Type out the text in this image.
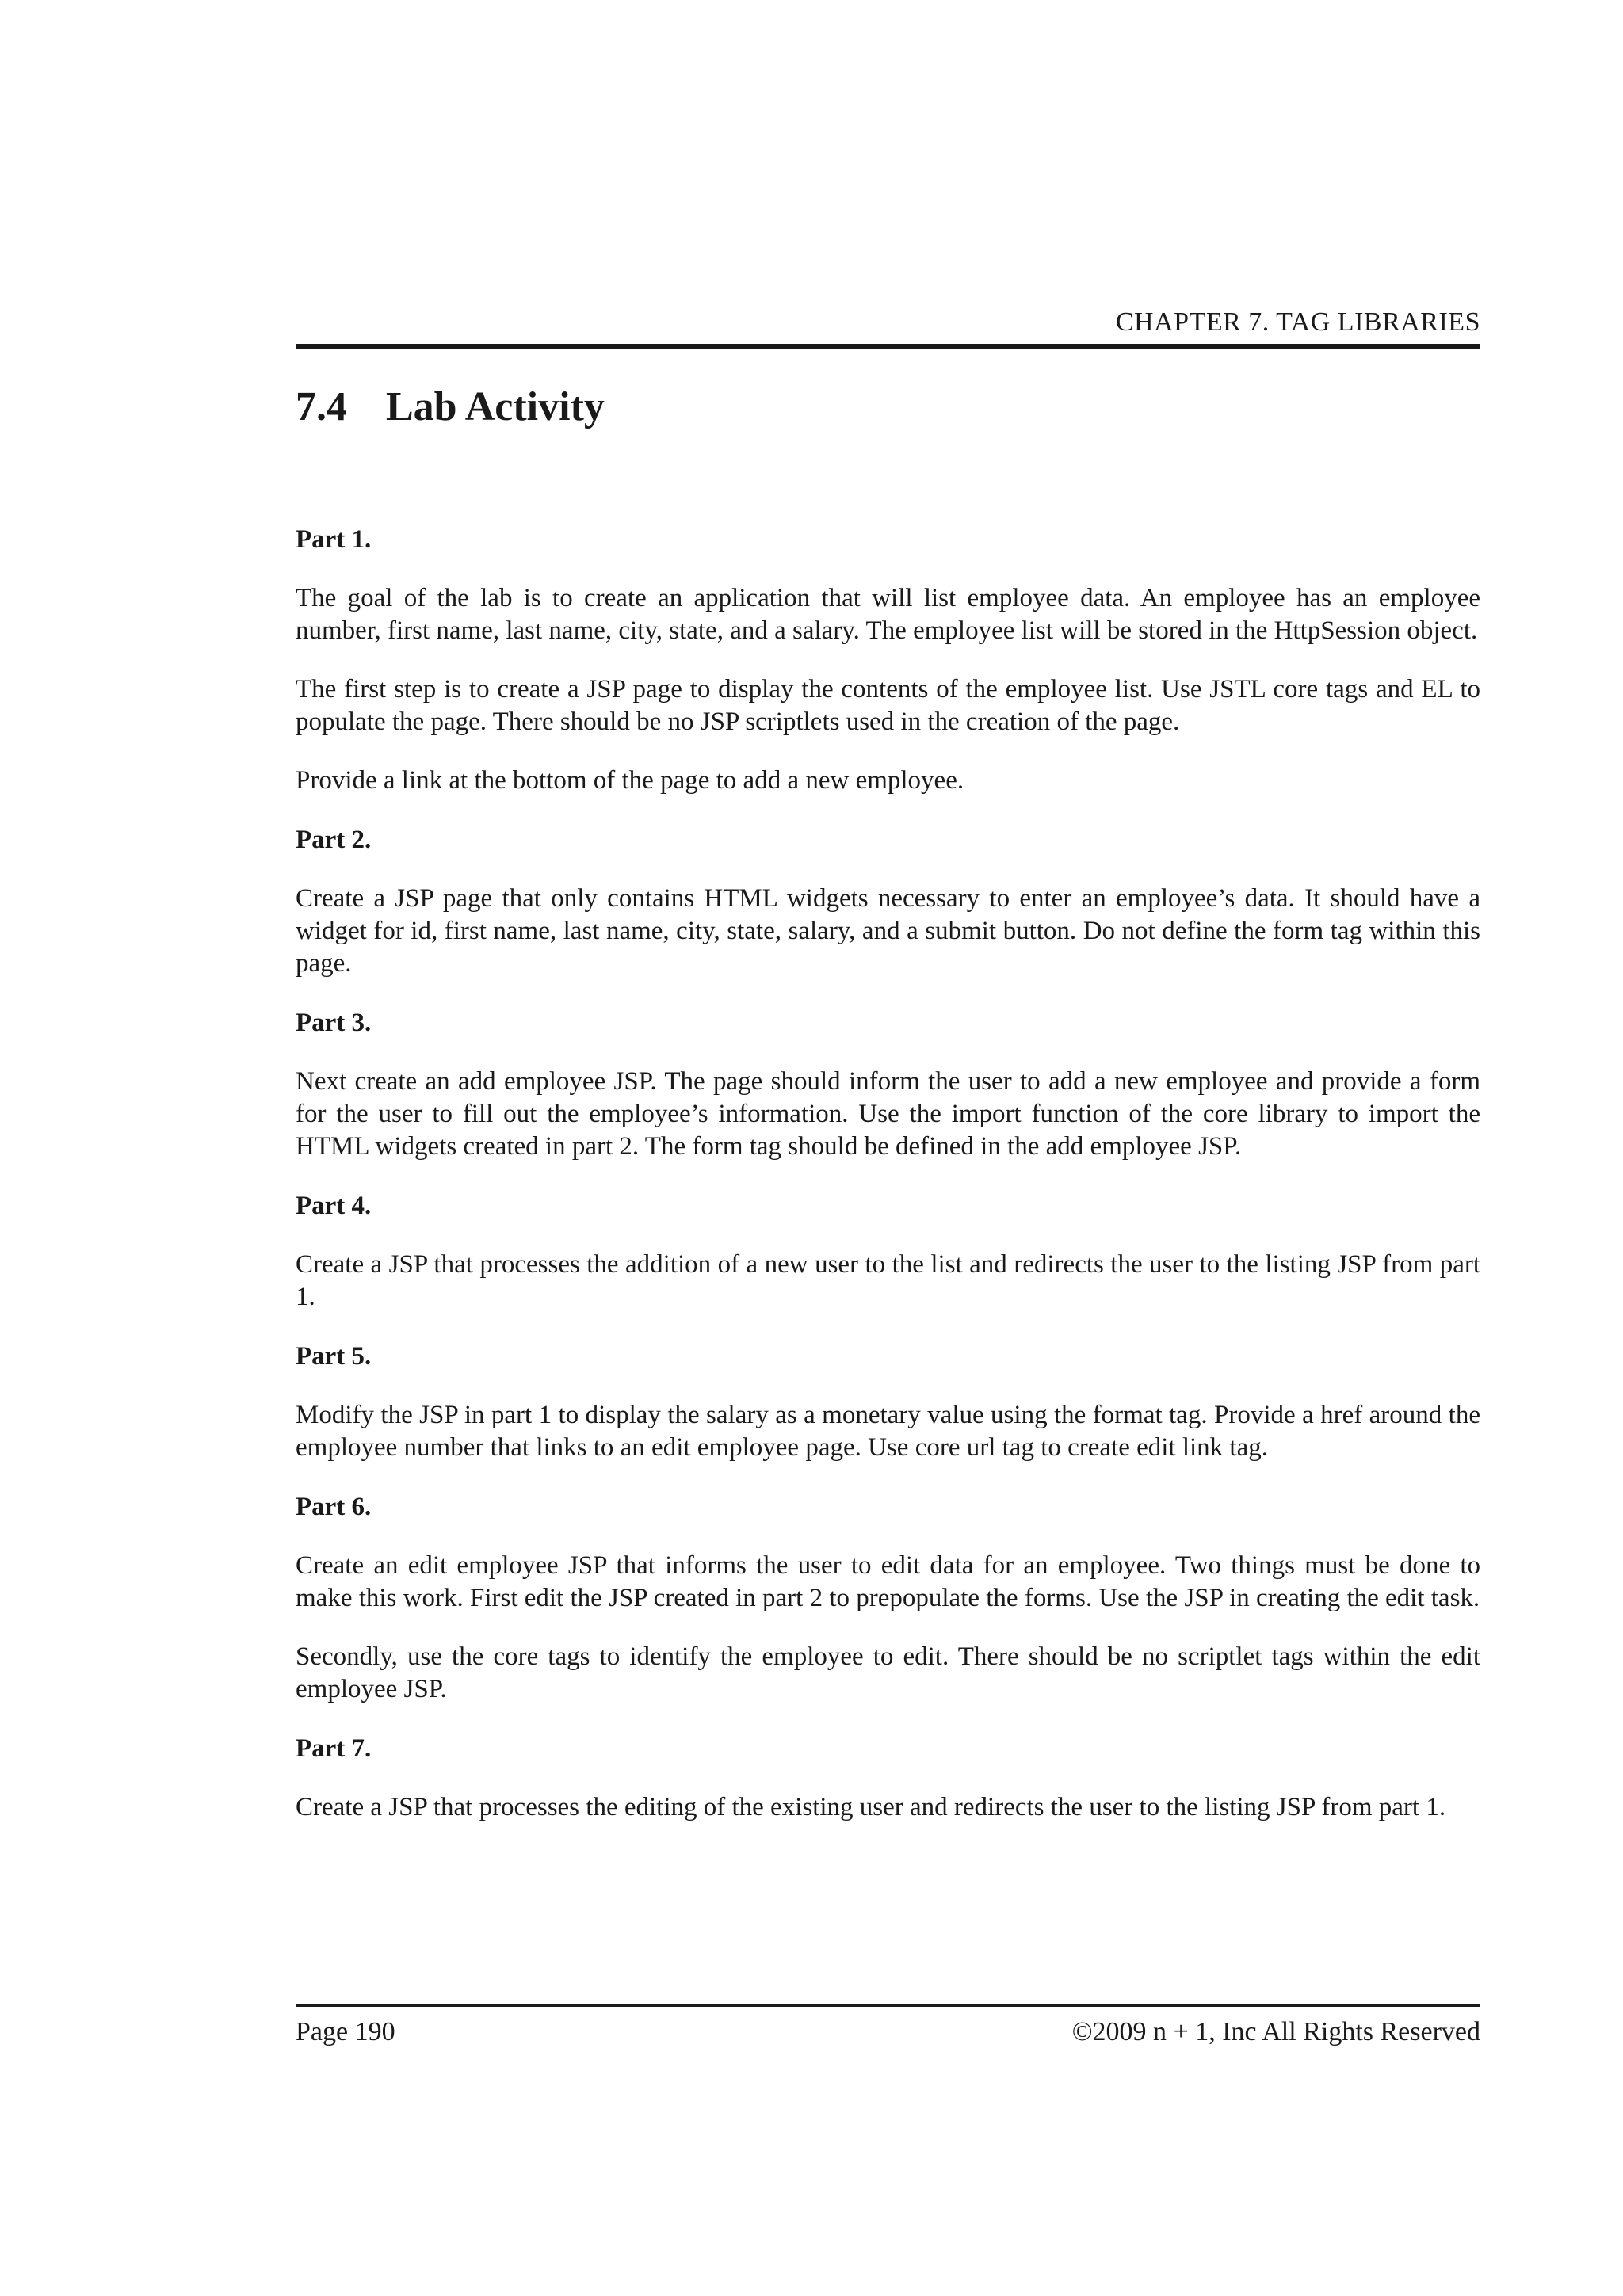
CHAPTER 7. TAG LIBRARIES
7.4 Lab Activity

Part 1.

The goal of the lab is to create an application that will list employee data. An employee has an employee number, first name, last name, city, state, and a salary. The employee list will be stored in the HttpSession object.

The first step is to create a JSP page to display the contents of the employee list. Use JSTL core tags and EL to populate the page. There should be no JSP scriptlets used in the creation of the page.

Provide a link at the bottom of the page to add a new employee.

Part 2.

Create a JSP page that only contains HTML widgets necessary to enter an employee’s data. It should have a widget for id, first name, last name, city, state, salary, and a submit button. Do not define the form tag within this page.

Part 3.

Next create an add employee JSP. The page should inform the user to add a new employee and provide a form for the user to fill out the employee’s information. Use the import function of the core library to import the HTML widgets created in part 2. The form tag should be defined in the add employee JSP.

Part 4.

Create a JSP that processes the addition of a new user to the list and redirects the user to the listing JSP from part 1.

Part 5.

Modify the JSP in part 1 to display the salary as a monetary value using the format tag. Provide a href around the employee number that links to an edit employee page. Use core url tag to create edit link tag.

Part 6.

Create an edit employee JSP that informs the user to edit data for an employee. Two things must be done to make this work. First edit the JSP created in part 2 to prepopulate the forms. Use the JSP in creating the edit task.

Secondly, use the core tags to identify the employee to edit. There should be no scriptlet tags within the edit employee JSP.

Part 7.

Create a JSP that processes the editing of the existing user and redirects the user to the listing JSP from part 1.

Page 190	©2009 n + 1, Inc All Rights Reserved
